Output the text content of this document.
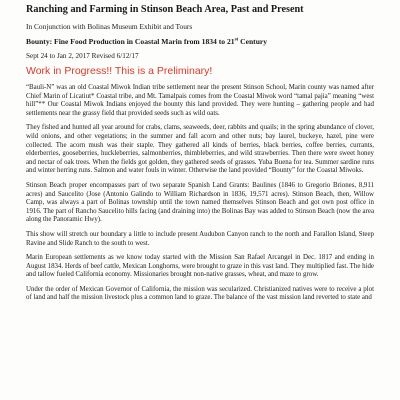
Ranching and Farming in Stinson Beach Area, Past and Present
In Conjunction with Bolinas Museum Exhibit and Tours
Bounty: Fine Food Production in Coastal Marin from 1834 to 21st Century
Sept 24 to Jan 2, 2017 Revised 6/12/17
Work in Progress!! This is a Preliminary!

“Bauli-N” was an old Coastal Miwok Indian tribe settlement near the present Stinson School, Marin county was named after Chief Marin of Licatiut* Coastal tribe, and Mt. Tamalpais comes from the Coastal Miwok word “tamal pajia” meaning “west hill”** Our Coastal Miwok Indians enjoyed the bounty this land provided. They were hunting – gathering people and had settlements near the grassy field that provided seeds such as wild oats.

They fished and hunted all year around for crabs, clams, seaweeds, deer, rabbits and quails; in the spring abundance of clover, wild onions, and other vegetations; in the summer and fall acorn and other nuts; bay laurel, buckeye, hazel, pine were collected. The acorn mush was their staple. They gathered all kinds of berries, black berries, coffee berries, currants, elderberries, gooseberries, huckleberries, salmonberries, thimbleberries, and wild strawberries. Then there were sweet honey and nectar of oak trees. When the fields got golden, they gathered seeds of grasses. Yuba Buena for tea. Summer sardine runs and winter herring runs. Salmon and water fouls in winter. Otherwise the land provided “Bounty” for the Coastal Miwoks.

Stinson Beach proper encompasses part of two separate Spanish Land Grants: Baulines (1846 to Gregorio Briones, 8,911 acres) and Saucelito (Jose (Antonio Galindo to William Richardson in 1836, 19,571 acres). Stinson Beach, then, Willow Camp, was always a part of Bolinas township until the town named themselves Stinson Beach and got own post office in 1916. The part of Rancho Saucelito hills facing (and draining into) the Bolinas Bay was added to Stinson Beach (now the area along the Panoramic Hwy).

This show will stretch our boundary a little to include present Audubon Canyon ranch to the north and Farallon Island, Steep Ravine and Slide Ranch to the south to west.

Marin European settlements as we know today started with the Mission San Rafael Arcangel in Dec. 1817 and ending in August 1834. Herds of beef cattle, Mexican Longhorns, were brought to graze in this vast land. They multiplied fast. The hide and tallow fueled California economy. Missionaries brought non-native grasses, wheat, and maze to grow.

Under the order of Mexican Governor of California, the mission was secularized. Christianized natives were to receive a plot of land and half the mission livestock plus a common land to graze. The balance of the vast mission land reverted to state and
